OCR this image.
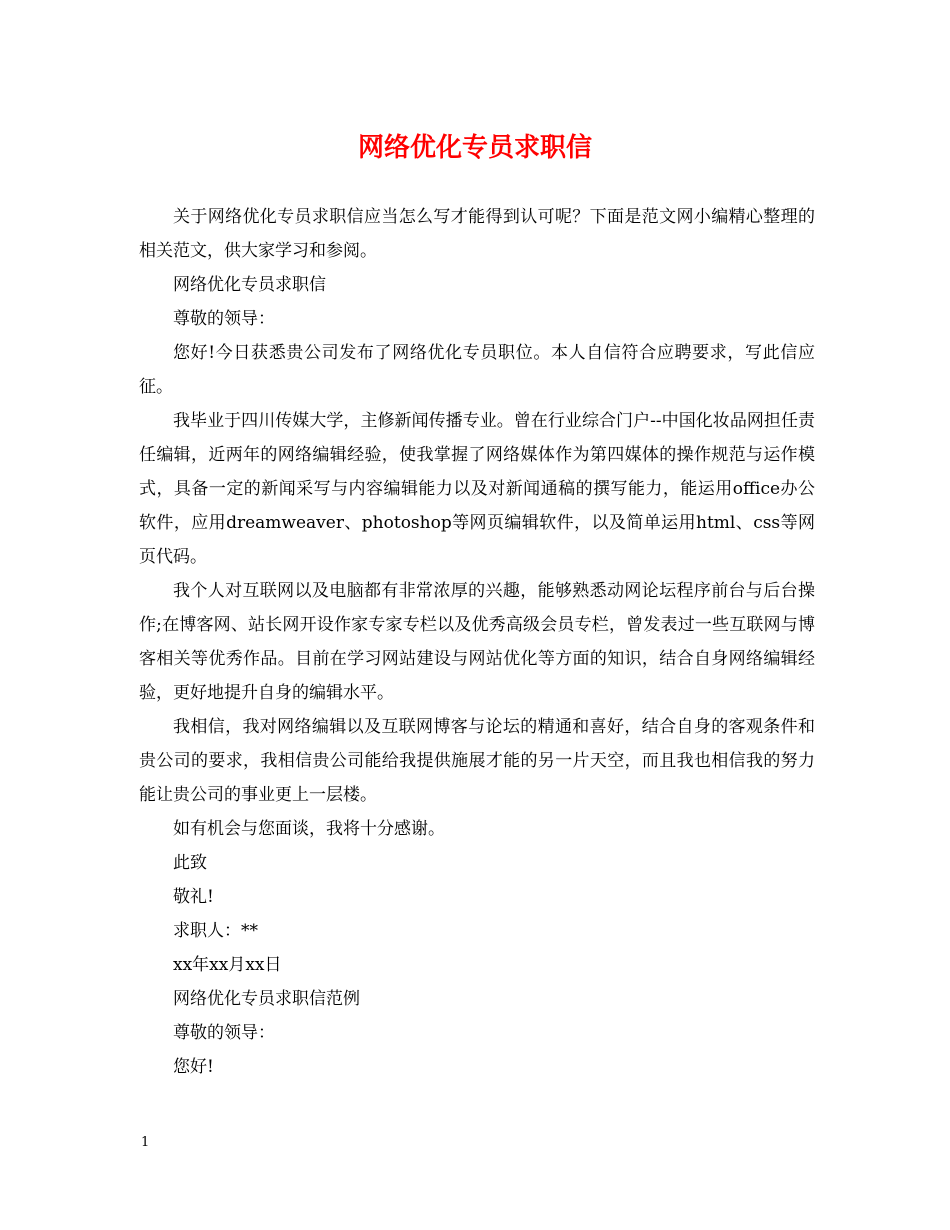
网络优化专员求职信

关于网络优化专员求职信应当怎么写才能得到认可呢？下面是范文网小编精心整理的相关范文，供大家学习和参阅。

网络优化专员求职信

尊敬的领导：

您好!今日获悉贵公司发布了网络优化专员职位。本人自信符合应聘要求，写此信应征。

我毕业于四川传媒大学，主修新闻传播专业。曾在行业综合门户--中国化妆品网担任责任编辑，近两年的网络编辑经验，使我掌握了网络媒体作为第四媒体的操作规范与运作模式，具备一定的新闻采写与内容编辑能力以及对新闻通稿的撰写能力，能运用office办公软件，应用dreamweaver、photoshop等网页编辑软件，以及简单运用html、css等网页代码。

我个人对互联网以及电脑都有非常浓厚的兴趣，能够熟悉动网论坛程序前台与后台操作;在博客网、站长网开设作家专家专栏以及优秀高级会员专栏，曾发表过一些互联网与博客相关等优秀作品。目前在学习网站建设与网站优化等方面的知识，结合自身网络编辑经验，更好地提升自身的编辑水平。

我相信，我对网络编辑以及互联网博客与论坛的精通和喜好，结合自身的客观条件和贵公司的要求，我相信贵公司能给我提供施展才能的另一片天空，而且我也相信我的努力能让贵公司的事业更上一层楼。

如有机会与您面谈，我将十分感谢。

此致

敬礼!

求职人：**

xx年xx月xx日

网络优化专员求职信范例

尊敬的领导：

您好!

1
